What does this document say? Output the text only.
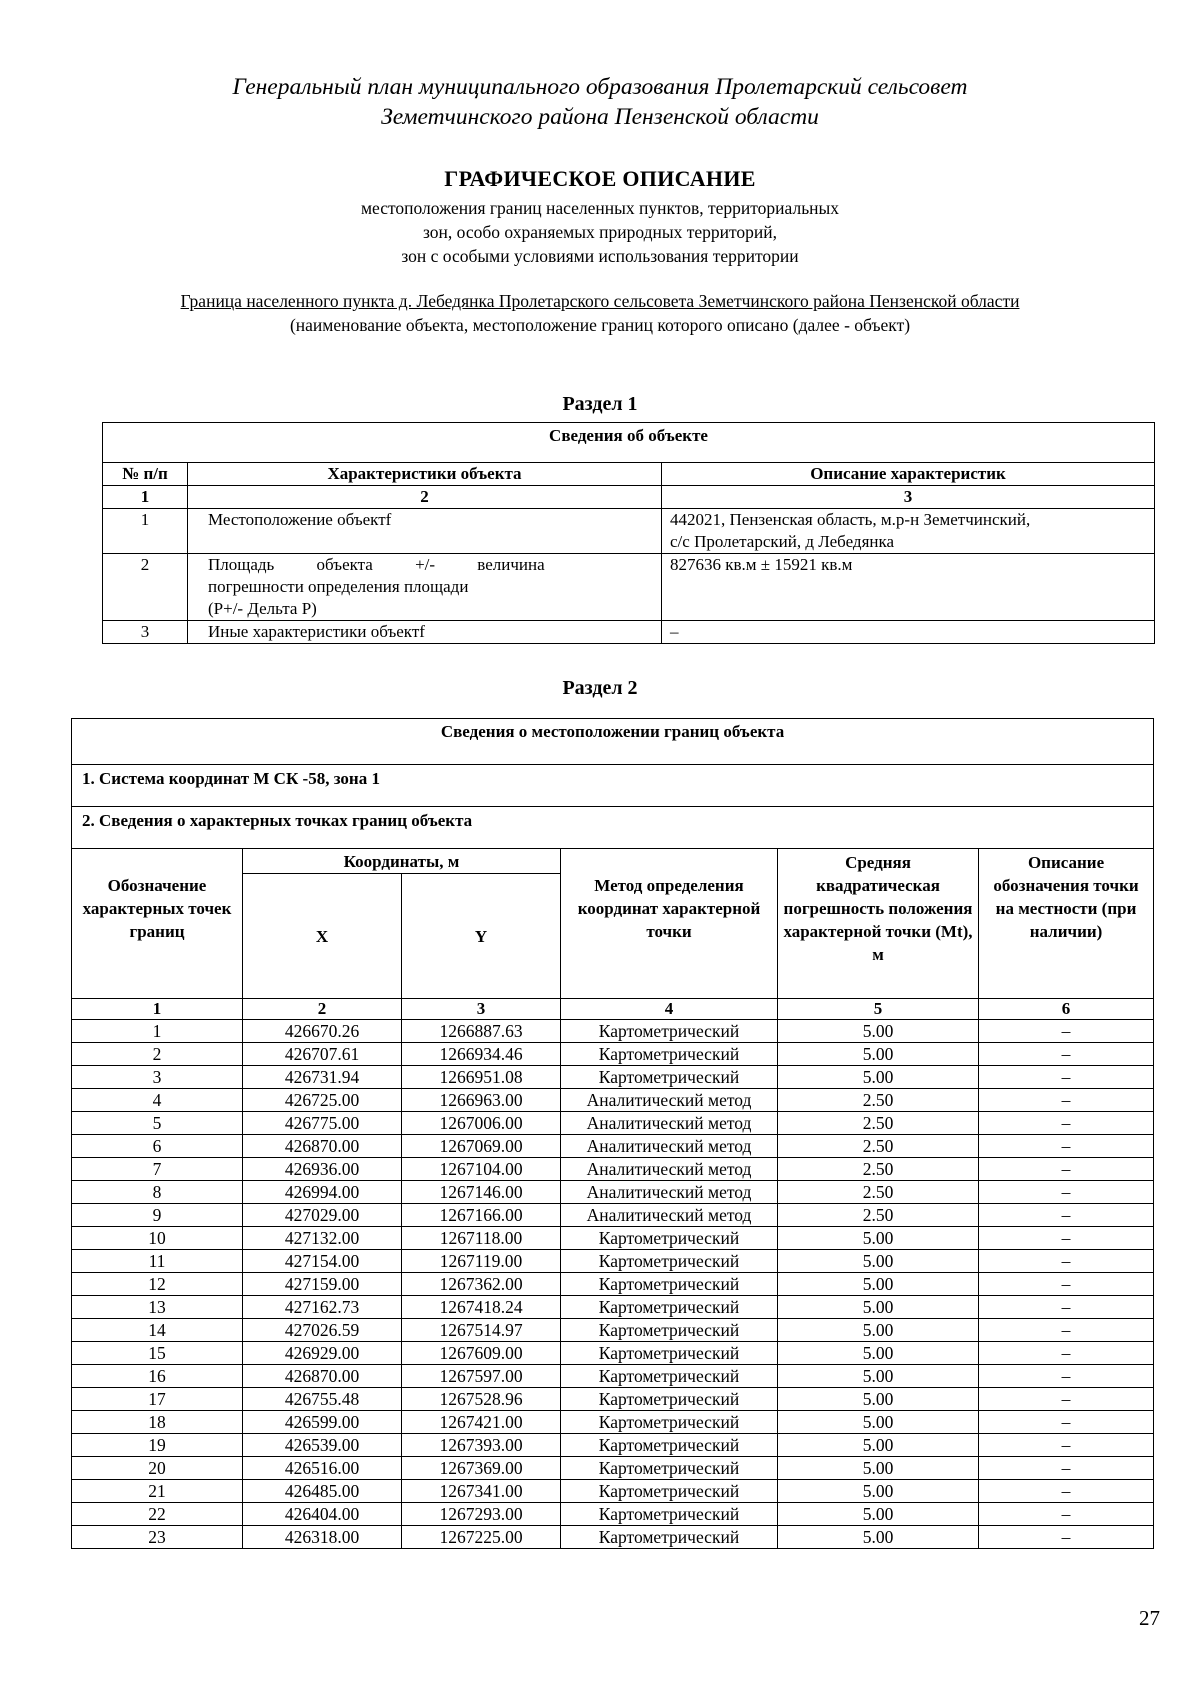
Генеральный план муниципального образования Пролетарский сельсовет
Земетчинского района Пензенской области
ГРАФИЧЕСКОЕ ОПИСАНИЕ
местоположения границ населенных пунктов, территориальных
зон, особо охраняемых природных территорий,
зон с особыми условиями использования территории
Граница населенного пункта д. Лебедянка Пролетарского сельсовета Земетчинского района Пензенской области
(наименование объекта, местоположение границ которого описано (далее - объект)
Раздел 1
Сведения об объекте		
№ п/п	Характеристики объекта	Описание характеристик
1	2	3
1	Местоположение объектf	442021, Пензенская область, м.р-н Земетчинский,
с/с Пролетарский, д Лебедянка

2	Площадь объекта +/- величина
погрешности определения площади
(Р+/- Дельта Р)	827636 кв.м ± 15921 кв.м
3	Иные характеристики объектf	–
Раздел 2
Сведения о местоположении границ объекта					
1. Система координат М СК -58, зона 1					
2. Сведения о характерных точках границ объекта					
Обозначение характерных точек границ	Координаты, м		Метод определения координат характерной точки	Средняя квадратическая погрешность положения характерной точки (Mt), м	Описание обозначения точки на местности (при наличии)
	X	Y			
1	2	3	4	5	6
1	426670.26	1266887.63	Картометрический	5.00	–
2	426707.61	1266934.46	Картометрический	5.00	–
3	426731.94	1266951.08	Картометрический	5.00	–
4	426725.00	1266963.00	Аналитический метод	2.50	–
5	426775.00	1267006.00	Аналитический метод	2.50	–
6	426870.00	1267069.00	Аналитический метод	2.50	–
7	426936.00	1267104.00	Аналитический метод	2.50	–
8	426994.00	1267146.00	Аналитический метод	2.50	–
9	427029.00	1267166.00	Аналитический метод	2.50	–
10	427132.00	1267118.00	Картометрический	5.00	–
11	427154.00	1267119.00	Картометрический	5.00	–
12	427159.00	1267362.00	Картометрический	5.00	–
13	427162.73	1267418.24	Картометрический	5.00	–
14	427026.59	1267514.97	Картометрический	5.00	–
15	426929.00	1267609.00	Картометрический	5.00	–
16	426870.00	1267597.00	Картометрический	5.00	–
17	426755.48	1267528.96	Картометрический	5.00	–
18	426599.00	1267421.00	Картометрический	5.00	–
19	426539.00	1267393.00	Картометрический	5.00	–
20	426516.00	1267369.00	Картометрический	5.00	–
21	426485.00	1267341.00	Картометрический	5.00	–
22	426404.00	1267293.00	Картометрический	5.00	–
23	426318.00	1267225.00	Картометрический	5.00	–
27
